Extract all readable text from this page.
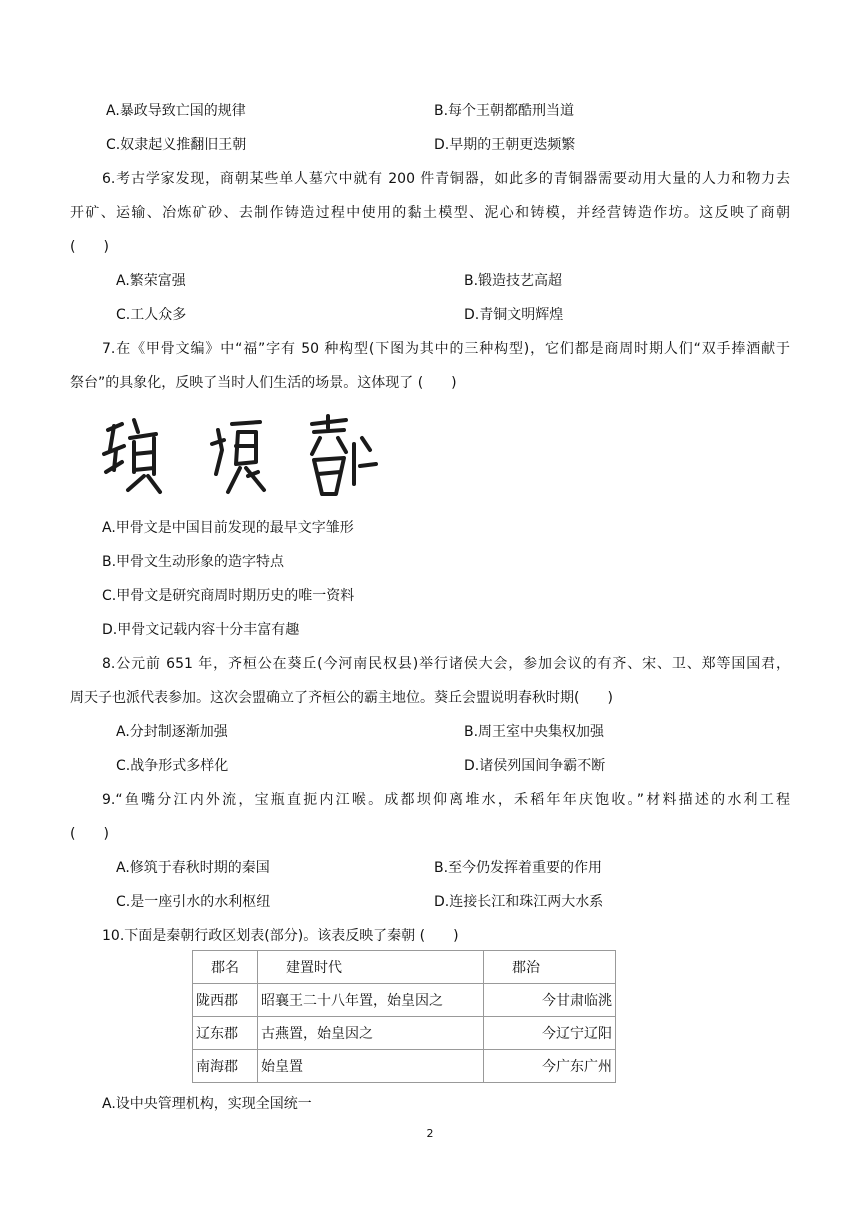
A.暴政导致亡国的规律	B.每个王朝都酷刑当道
C.奴隶起义推翻旧王朝	D.早期的王朝更迭频繁
6.考古学家发现，商朝某些单人墓穴中就有 200 件青铜器，如此多的青铜器需要动用大量的人力和物力去
开矿、运输、冶炼矿砂、去制作铸造过程中使用的黏土模型、泥心和铸模，并经营铸造作坊。这反映了商朝
(　　)
A.繁荣富强	B.锻造技艺高超
C.工人众多	D.青铜文明辉煌
7.在《甲骨文编》中“福”字有 50 种构型(下图为其中的三种构型)，它们都是商周时期人们“双手捧酒献于
祭台”的具象化，反映了当时人们生活的场景。这体现了 (　　)
A.甲骨文是中国目前发现的最早文字雏形
B.甲骨文生动形象的造字特点
C.甲骨文是研究商周时期历史的唯一资料
D.甲骨文记载内容十分丰富有趣
8.公元前 651 年，齐桓公在葵丘(今河南民权县)举行诸侯大会，参加会议的有齐、宋、卫、郑等国国君，
周天子也派代表参加。这次会盟确立了齐桓公的霸主地位。葵丘会盟说明春秋时期(　　)
A.分封制逐渐加强	B.周王室中央集权加强
C.战争形式多样化	D.诸侯列国间争霸不断
9.“鱼嘴分江内外流，宝瓶直扼内江喉。成都坝仰离堆水，禾稻年年庆饱收。”材料描述的水利工程
(　　)
A.修筑于春秋时期的秦国	B.至今仍发挥着重要的作用
C.是一座引水的水利枢纽	D.连接长江和珠江两大水系
10.下面是秦朝行政区划表(部分)。该表反映了秦朝 (　　)
郡名	建置时代	郡治
陇西郡	昭襄王二十八年置，始皇因之	今甘肃临洮
辽东郡	古燕置，始皇因之	今辽宁辽阳
南海郡	始皇置	今广东广州
A.设中央管理机构，实现全国统一
2
